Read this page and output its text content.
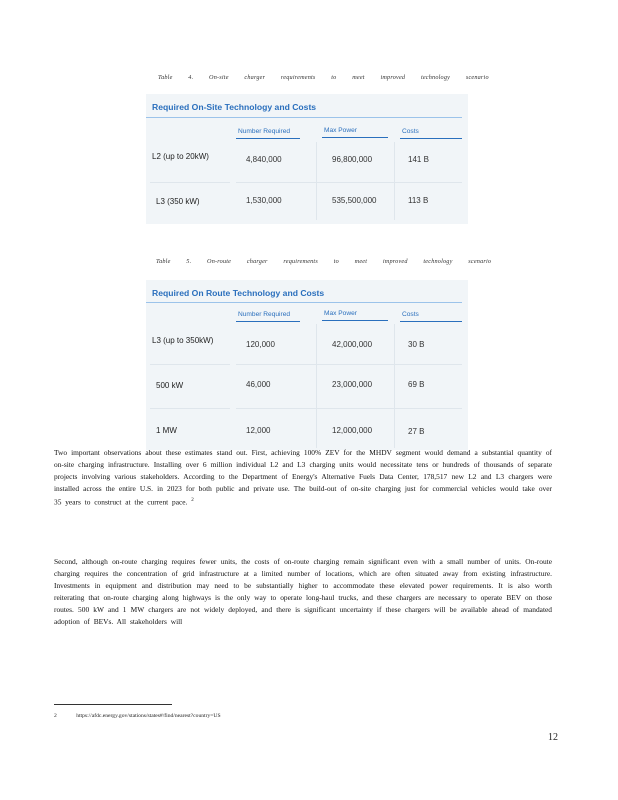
Table 4. On-site charger requirements to meet improved technology scenario
Required On-Site Technology and Costs
Number Required	Max Power	Costs
L2 (up to 20kW)	4,840,000	96,800,000	141 B
L3 (350 kW)	1,530,000	535,500,000	113 B
Table 5. On-route charger requirements to meet improved technology scenario
Required On Route Technology and Costs
Number Required	Max Power	Costs
L3 (up to 350kW)	120,000	42,000,000	30 B
500 kW	46,000	23,000,000	69 B
1 MW	12,000	12,000,000	27 B
Two important observations about these estimates stand out. First, achieving 100% ZEV for the MHDV segment would demand a substantial quantity of on-site charging infrastructure. Installing over 6 million individual L2 and L3 charging units would necessitate tens or hundreds of thousands of separate projects involving various stakeholders. According to the Department of Energy's Alternative Fuels Data Center, 178,517 new L2 and L3 chargers were installed across the entire U.S. in 2023 for both public and private use. The build-out of on-site charging just for commercial vehicles would take over 35 years to construct at the current pace. $^2$
Second, although on-route charging requires fewer units, the costs of on-route charging remain significant even with a small number of units. On-route charging requires the concentration of grid infrastructure at a limited number of locations, which are often situated away from existing infrastructure. Investments in equipment and distribution may need to be substantially higher to accommodate these elevated power requirements. It is also worth reiterating that on-route charging along highways is the only way to operate long-haul trucks, and these chargers are necessary to operate BEV on those routes. 500 kW and 1 MW chargers are not widely deployed, and there is significant uncertainty if these chargers will be available ahead of mandated adoption of BEVs. All stakeholders will
2 https://afdc.energy.gov/stations/states#/find/nearest?country=US
12
